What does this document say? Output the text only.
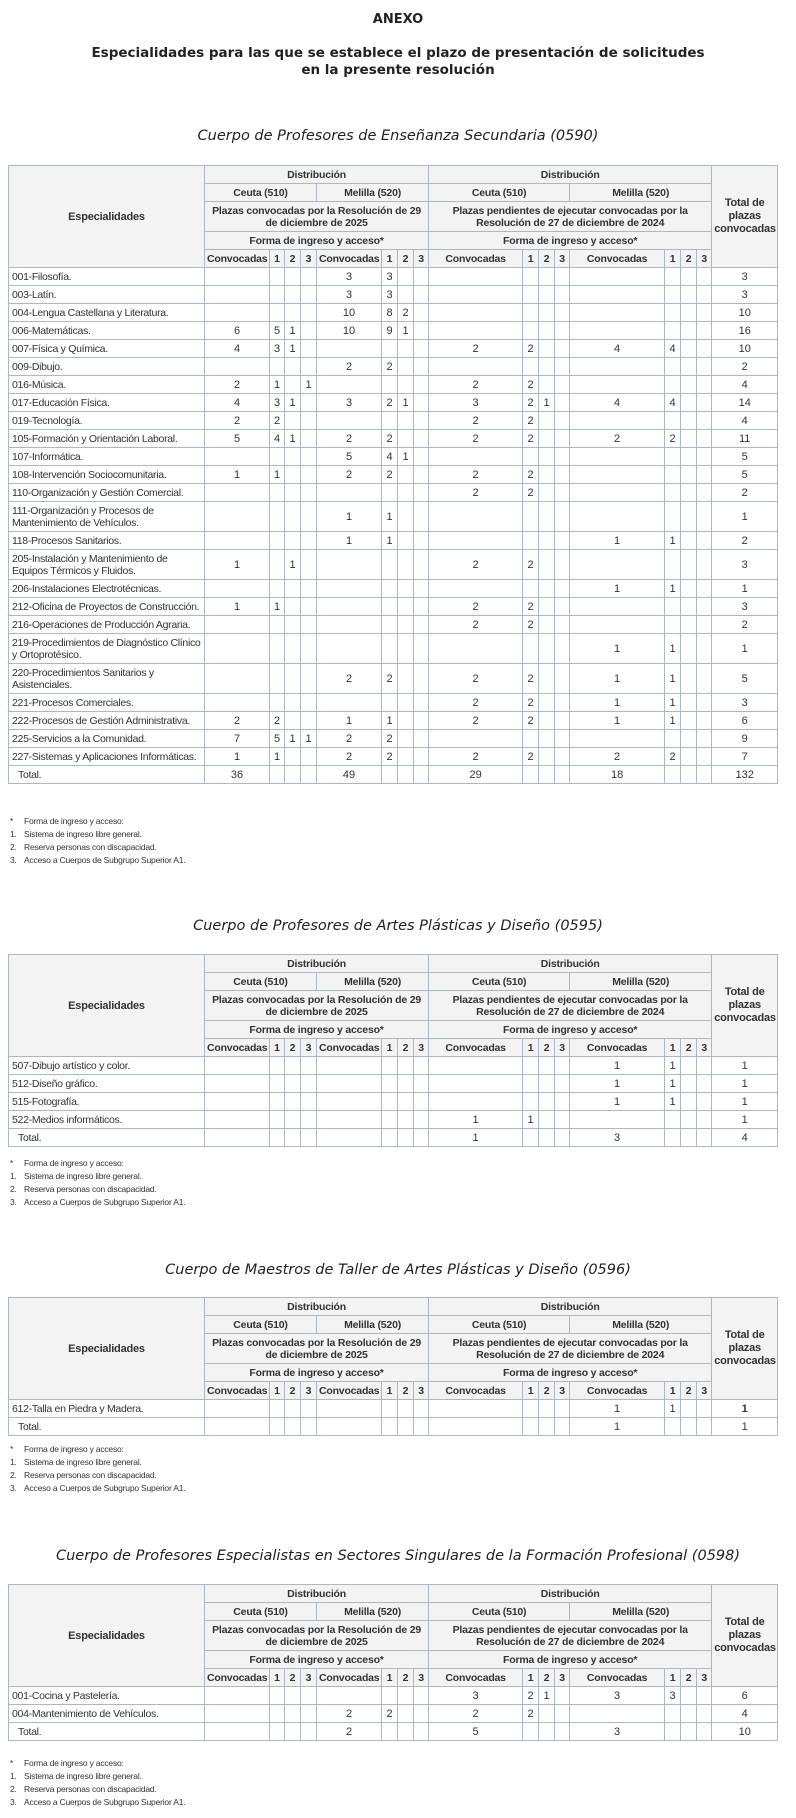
ANEXO
Especialidades para las que se establece el plazo de presentación de solicitudes
en la presente resolución
Cuerpo de Profesores de Enseñanza Secundaria (0590)
Especialidades	Distribución								Distribución								Total de plazas convocadas
	Ceuta (510)				Melilla (520)				Ceuta (510)				Melilla (520)				
	Plazas convocadas por la Resolución de 29 de diciembre de 2025								Plazas pendientes de ejecutar convocadas por la Resolución de 27 de diciembre de 2024								
	Forma de ingreso y acceso*								Forma de ingreso y acceso*								
	Convocadas	1	2	3	Convocadas	1	2	3	Convocadas	1	2	3	Convocadas	1	2	3	
001-Filosofía.					3	3											3
003-Latín.					3	3											3
004-Lengua Castellana y Literatura.					10	8	2										10
006-Matemáticas.	6	5	1		10	9	1										16
007-Física y Química.	4	3	1						2	2			4	4			10
009-Dibujo.					2	2											2
016-Música.	2	1		1					2	2							4
017-Educación Física.	4	3	1		3	2	1		3	2	1		4	4			14
019-Tecnología.	2	2							2	2							4
105-Formación y Orientación Laboral.	5	4	1		2	2			2	2			2	2			11
107-Informática.					5	4	1										5
108-Intervención Sociocomunitaria.	1	1			2	2			2	2							5
110-Organización y Gestión Comercial.									2	2							2
111-Organización y Procesos de Mantenimiento de Vehículos.					1	1											1
118-Procesos Sanitarios.					1	1							1	1			2
205-Instalación y Mantenimiento de Equipos Térmicos y Fluidos.	1		1						2	2							3
206-Instalaciones Electrotécnicas.													1	1			1
212-Oficina de Proyectos de Construcción.	1	1							2	2							3
216-Operaciones de Producción Agraria.									2	2							2
219-Procedimientos de Diagnóstico Clínico y Ortoprotésico.													1	1			1
220-Procedimientos Sanitarios y Asistenciales.					2	2			2	2			1	1			5
221-Procesos Comerciales.									2	2			1	1			3
222-Procesos de Gestión Administrativa.	2	2			1	1			2	2			1	1			6
225-Servicios a la Comunidad.	7	5	1	1	2	2											9
227-Sistemas y Aplicaciones Informáticas.	1	1			2	2			2	2			2	2			7
Total.	36				49				29				18				132
* Forma de ingreso y acceso:
1. Sistema de ingreso libre general.
2. Reserva personas con discapacidad.
3. Acceso a Cuerpos de Subgrupo Superior A1.
Cuerpo de Profesores de Artes Plásticas y Diseño (0595)
Especialidades	Distribución								Distribución								Total de plazas convocadas
	Ceuta (510)				Melilla (520)				Ceuta (510)				Melilla (520)				
	Plazas convocadas por la Resolución de 29 de diciembre de 2025								Plazas pendientes de ejecutar convocadas por la Resolución de 27 de diciembre de 2024								
	Forma de ingreso y acceso*								Forma de ingreso y acceso*								
	Convocadas	1	2	3	Convocadas	1	2	3	Convocadas	1	2	3	Convocadas	1	2	3	
507-Dibujo artístico y color.													1	1			1
512-Diseño gráfico.													1	1			1
515-Fotografía.													1	1			1
522-Medios informáticos.									1	1							1
Total.									1				3				4
* Forma de ingreso y acceso:
1. Sistema de ingreso libre general.
2. Reserva personas con discapacidad.
3. Acceso a Cuerpos de Subgrupo Superior A1.
Cuerpo de Maestros de Taller de Artes Plásticas y Diseño (0596)
Especialidades	Distribución								Distribución								Total de plazas convocadas
	Ceuta (510)				Melilla (520)				Ceuta (510)				Melilla (520)				
	Plazas convocadas por la Resolución de 29 de diciembre de 2025								Plazas pendientes de ejecutar convocadas por la Resolución de 27 de diciembre de 2024								
	Forma de ingreso y acceso*								Forma de ingreso y acceso*								
	Convocadas	1	2	3	Convocadas	1	2	3	Convocadas	1	2	3	Convocadas	1	2	3	
612-Talla en Piedra y Madera.													1	1			1
Total.													1				1
* Forma de ingreso y acceso:
1. Sistema de ingreso libre general.
2. Reserva personas con discapacidad.
3. Acceso a Cuerpos de Subgrupo Superior A1.
Cuerpo de Profesores Especialistas en Sectores Singulares de la Formación Profesional (0598)
Especialidades	Distribución								Distribución								Total de plazas convocadas
	Ceuta (510)				Melilla (520)				Ceuta (510)				Melilla (520)				
	Plazas convocadas por la Resolución de 29 de diciembre de 2025								Plazas pendientes de ejecutar convocadas por la Resolución de 27 de diciembre de 2024								
	Forma de ingreso y acceso*								Forma de ingreso y acceso*								
	Convocadas	1	2	3	Convocadas	1	2	3	Convocadas	1	2	3	Convocadas	1	2	3	
001-Cocina y Pastelería.									3	2	1		3	3			6
004-Mantenimiento de Vehículos.					2	2			2	2							4
Total.					2				5				3				10
* Forma de ingreso y acceso:
1. Sistema de ingreso libre general.
2. Reserva personas con discapacidad.
3. Acceso a Cuerpos de Subgrupo Superior A1.
